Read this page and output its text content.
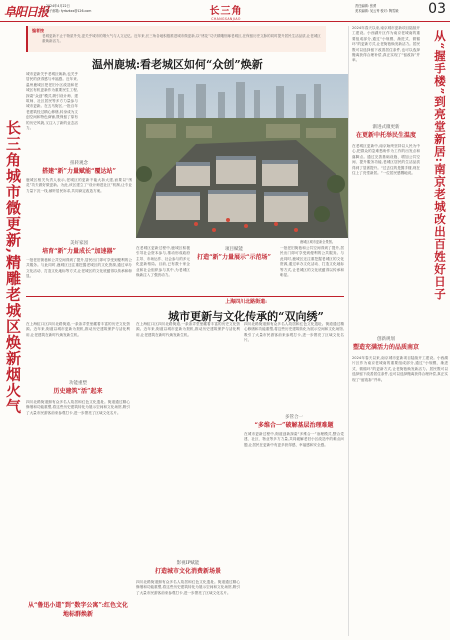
阜阳日报
2024年4月22日
电子邮箱: fyrbzkzx@126.com	长三角
CHANGSANJIAO
责任编辑: 张勇
美术编辑: 吴云秀 校对: 陶雪娥	03
长三角城市微更新,精雕老城区焕新烟火气
编者按
老城更新不止于物质外壳,更关乎城市的烟火气与人文记忆。近年来,长三角各地积极推进城市微更新,以“绣花”功夫精雕细琢老城区,在保留历史文脉的同时提升居民生活品质,让老城区重焕新活力。
温州鹿城:看老城区如何“众创”焕新
城市更新关乎老城区焕新,也关乎居民的获得感与幸福感。近年来,温州鹿城区把老旧小区改造和老城区有机更新作为重要民生工程,探索“众创”模式,吸引设计师、建筑师、社区居民等多方力量参与城市更新。在五马街区,一批百年老建筑经过精心修缮,转身成为文创空间和特色商铺,既保留了原有的历史风貌,又注入了新的业态活力。
扭转观念
搭建“新”力量赋能“覆达站”
鹿城区相关负责人表示,老城区的更新不能大拆大建,而要以“绣花”功夫做好微更新。为此,该区建立了“设计师进社区”机制,让专业力量下沉一线,倾听居民诉求,共同商定改造方案。
美好家园
培育“新”力量成长“加速器”
一批老旧街巷和公共空间得到了提升,居民出门即可享受到便利的公共服务。与此同时,鹿城区还注重挖掘老城区的文化资源,通过举办文化活动、打造文化地标等方式,让老城区的文化底蕴得以传承和彰显。
鹿城区城市更新全景图。
在老城区更新过程中,鹿城区积极引导社会资本参与,推动形成政府主导、市场运作、社会参与的多元化更新格局。目前,已有数十家企业和社会组织参与其中,为老城区焕新注入了强劲动力。
项目赋能
打造“新”力量展示“示范场”
一批老旧街巷和公共空间得到了提升,居民出门即可享受到便利的公共服务。与此同时,鹿城区还注重挖掘老城区的文化资源,通过举办文化活动、打造文化地标等方式,让老城区的文化底蕴得以传承和彰显。
上海四川北路街道:
城市更新与文化传承的“双向绣”
在上海虹口区四川北路街道,一条条弄堂里藏着丰富的历史文化资源。近年来,街道以城市更新为契机,推动历史建筑保护与活化利用,让老建筑在新时代焕发新生机。
功能重塑
历史建筑“活”起来
四川北路街道拥有众多名人故居和红色文化遗址。街道通过精心修缮和功能重塑,将这些历史建筑转化为展示空间和文化场馆,吸引了大量市民游客前来参观打卡,进一步擦亮了区域文化名片。
从“鲁迅小道”到“数字公寓”:红色文化地标群焕新
在上海虹口区四川北路街道,一条条弄堂里藏着丰富的历史文化资源。近年来,街道以城市更新为契机,推动历史建筑保护与活化利用,让老建筑在新时代焕发新生机。
影视IP赋能
打造城市文化消费新场景
四川北路街道拥有众多名人故居和红色文化遗址。街道通过精心修缮和功能重塑,将这些历史建筑转化为展示空间和文化场馆,吸引了大量市民游客前来参观打卡,进一步擦亮了区域文化名片。
四川北路街道拥有众多名人故居和红色文化遗址。街道通过精心修缮和功能重塑,将这些历史建筑转化为展示空间和文化场馆,吸引了大量市民游客前来参观打卡,进一步擦亮了区域文化名片。
多管合一
“多维合一”破解基层治理难题
在城市更新过程中,街道创新探索“多维合一”治理模式,整合党建、社区、物业等多方力量,共同破解老旧小区改造中的难点问题,让居民在更新中有更多获得感、幸福感和安全感。
2024年春天以来,南京城市更新项目陆续开工建设。小西湖片区作为南京老城南的重要组成部分,通过“小规模、渐进式、微循环”的更新方式,让老街巷焕发新活力。居民既可以选择留下改善居住条件,也可以选择搬离获得合理补偿,真正实现了“留改拆”并举。
渐进式微更新
在更新中托举民生温度
在老城区更新中,南京始终坚持以人民为中心,把群众的急难愁盼作为工作的出发点和落脚点。通过完善基础设施、增加公共空间、提升服务功能,老城区居民的生活品质得到了显著提升。“过去住的是握手楼,现在住上了亮堂新居。”一位居民感慨地说。
创新规划
塑造充满活力的品质南京
2024年春天以来,南京城市更新项目陆续开工建设。小西湖片区作为南京老城南的重要组成部分,通过“小规模、渐进式、微循环”的更新方式,让老街巷焕发新活力。居民既可以选择留下改善居住条件,也可以选择搬离获得合理补偿,真正实现了“留改拆”并举。
从“握手楼”到亮堂新居:南京老城改出百姓好日子
